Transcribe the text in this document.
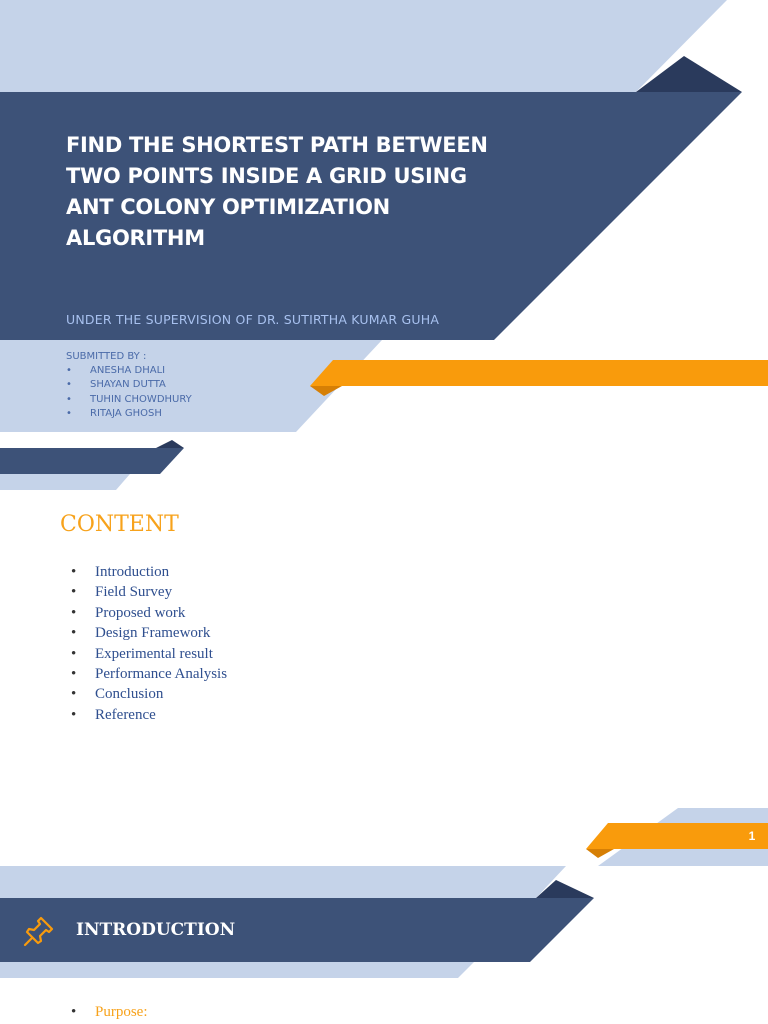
FIND THE SHORTEST PATH BETWEEN TWO POINTS INSIDE A GRID USING ANT COLONY OPTIMIZATION ALGORITHM
UNDER THE SUPERVISION OF DR. SUTIRTHA KUMAR GUHA
SUBMITTED BY :
• ANESHA DHALI
• SHAYAN DUTTA
• TUHIN CHOWDHURY
• RITAJA GHOSH
CONTENT
• Introduction
• Field Survey
• Proposed work
• Design Framework
• Experimental result
• Performance Analysis
• Conclusion
• Reference
1
INTRODUCTION
• Purpose:
